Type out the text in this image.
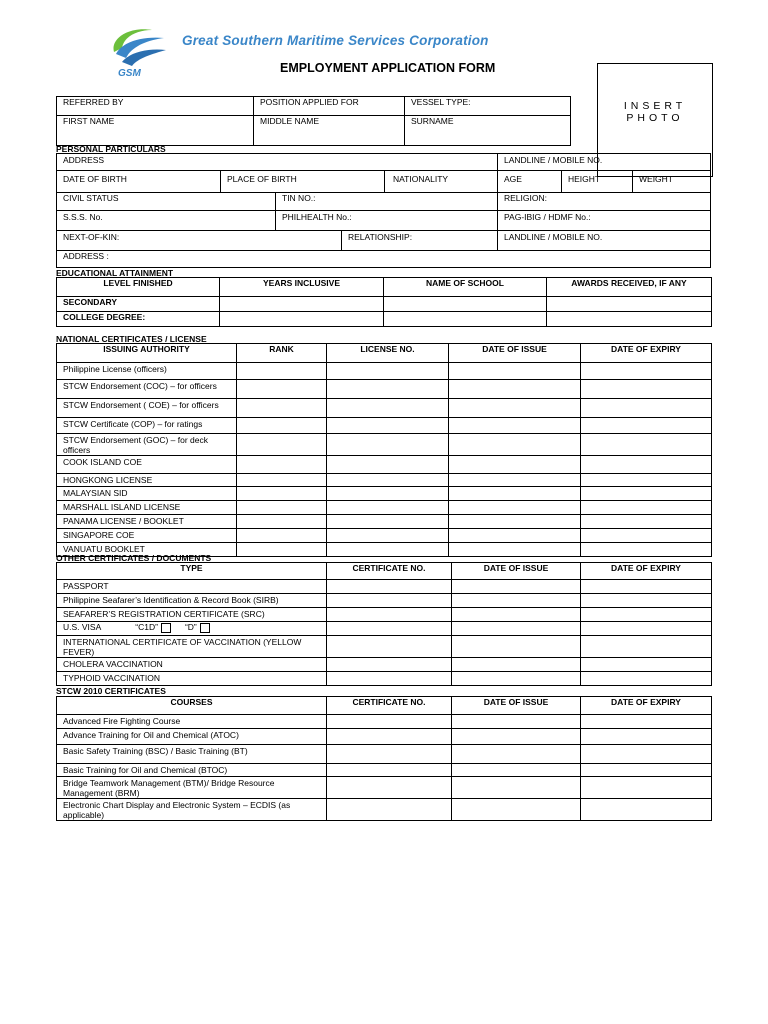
GSM
Great Southern Maritime Services Corporation
EMPLOYMENT APPLICATION FORM
INSERT
PHOTO
REFERRED BY	POSITION APPLIED FOR	VESSEL TYPE:
FIRST NAME	MIDDLE NAME	SURNAME
PERSONAL PARTICULARS
ADDRESS	LANDLINE / MOBILE NO.
DATE OF BIRTH	PLACE OF BIRTH	NATIONALITY	AGE	HEIGHT	WEIGHT
CIVIL STATUS	TIN NO.:	RELIGION:
S.S.S. No.	PHILHEALTH No.:	PAG-IBIG / HDMF No.:
NEXT-OF-KIN:	RELATIONSHIP:	LANDLINE / MOBILE NO.
ADDRESS :
EDUCATIONAL ATTAINMENT
LEVEL FINISHED	YEARS INCLUSIVE	NAME OF SCHOOL	AWARDS RECEIVED, IF ANY
SECONDARY			
COLLEGE DEGREE:			
NATIONAL CERTIFICATES / LICENSE
ISSUING AUTHORITY	RANK	LICENSE NO.	DATE OF ISSUE	DATE OF EXPIRY
Philippine License (officers)				
STCW Endorsement (COC) – for officers				
STCW Endorsement ( COE) – for officers				
STCW Certificate (COP) – for ratings				
STCW Endorsement (GOC) – for deck officers				
COOK ISLAND COE				
HONGKONG LICENSE				
MALAYSIAN SID				
MARSHALL ISLAND LICENSE				
PANAMA LICENSE / BOOKLET				
SINGAPORE COE				
VANUATU BOOKLET				
OTHER CERTIFICATES / DOCUMENTS
TYPE	CERTIFICATE NO.	DATE OF ISSUE	DATE OF EXPIRY
PASSPORT			
Philippine Seafarer’s Identification & Record Book (SIRB)			
SEAFARER’S REGISTRATION CERTIFICATE (SRC)			
U.S. VISA “C1D” “D”			
INTERNATIONAL CERTIFICATE OF VACCINATION (YELLOW FEVER)			
CHOLERA VACCINATION			
TYPHOID VACCINATION			
STCW 2010 CERTIFICATES
COURSES	CERTIFICATE NO.	DATE OF ISSUE	DATE OF EXPIRY
Advanced Fire Fighting Course			
Advance Training for Oil and Chemical (ATOC)			
Basic Safety Training (BSC) / Basic Training (BT)			
Basic Training for Oil and Chemical (BTOC)			
Bridge Teamwork Management (BTM)/ Bridge Resource Management (BRM)			
Electronic Chart Display and Electronic System – ECDIS (as applicable)			
